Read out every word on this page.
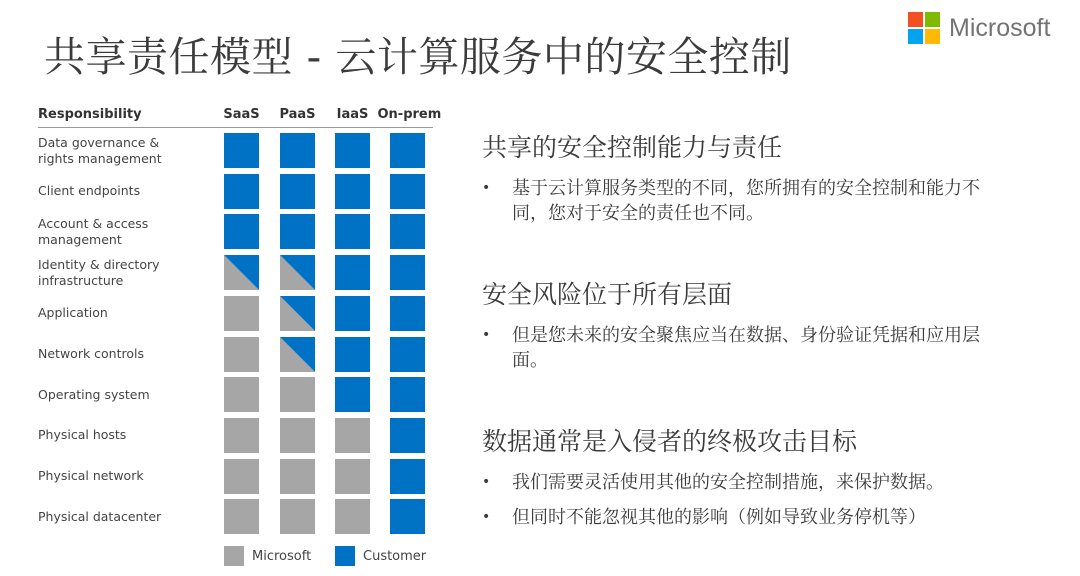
共享责任模型 - 云计算服务中的安全控制
Microsoft
Responsibility
Microsoft	Customer
SaaS	PaaS	IaaS On-prem
Data governance &
rights management
Client endpoints
Account & access
management
Identity & directory
infrastructure
Application
Network controls
Operating system
Physical hosts
Physical network
Physical datacenter
共享的安全控制能力与责任
•	基于云计算服务类型的不同，您所拥有的安全控制和能力不同，您对于安全的责任也不同。
安全风险位于所有层面
•	但是您未来的安全聚焦应当在数据、身份验证凭据和应用层面。
数据通常是入侵者的终极攻击目标
•	我们需要灵活使用其他的安全控制措施，来保护数据。
•	但同时不能忽视其他的影响（例如导致业务停机等）
